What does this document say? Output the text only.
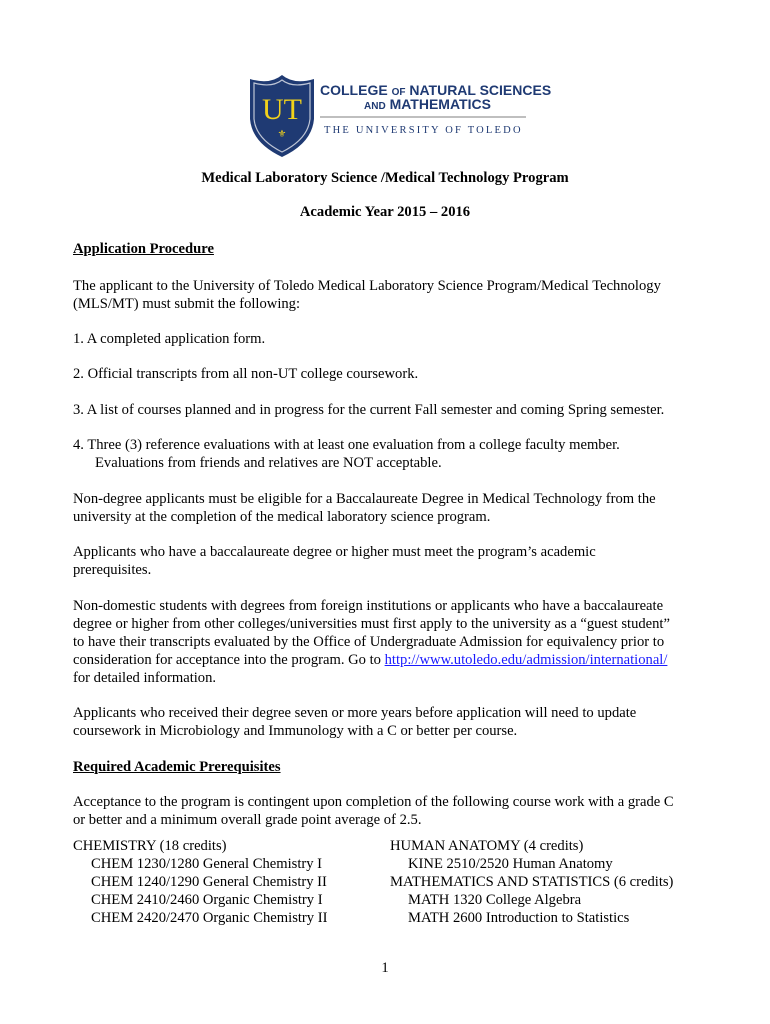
UT
⚜
COLLEGE OF NATURAL SCIENCES
AND MATHEMATICS
THE UNIVERSITY OF TOLEDO
Medical Laboratory Science /Medical Technology Program
Academic Year 2015 – 2016
Application Procedure
The applicant to the University of Toledo Medical Laboratory Science Program/Medical Technology
(MLS/MT) must submit the following:
1. A completed application form.
2. Official transcripts from all non-UT college coursework.
3. A list of courses planned and in progress for the current Fall semester and coming Spring semester.
4. Three (3) reference evaluations with at least one evaluation from a college faculty member.
Evaluations from friends and relatives are NOT acceptable.
Non-degree applicants must be eligible for a Baccalaureate Degree in Medical Technology from the
university at the completion of the medical laboratory science program.
Applicants who have a baccalaureate degree or higher must meet the program’s academic
prerequisites.
Non-domestic students with degrees from foreign institutions or applicants who have a baccalaureate
degree or higher from other colleges/universities must first apply to the university as a “guest student”
to have their transcripts evaluated by the Office of Undergraduate Admission for equivalency prior to
consideration for acceptance into the program. Go to http://www.utoledo.edu/admission/international/
for detailed information.
Applicants who received their degree seven or more years before application will need to update
coursework in Microbiology and Immunology with a C or better per course.
Required Academic Prerequisites
Acceptance to the program is contingent upon completion of the following course work with a grade C
or better and a minimum overall grade point average of 2.5.
CHEMISTRY (18 credits)
CHEM 1230/1280 General Chemistry I
CHEM 1240/1290 General Chemistry II
CHEM 2410/2460 Organic Chemistry I
CHEM 2420/2470 Organic Chemistry II
HUMAN ANATOMY (4 credits)
KINE 2510/2520 Human Anatomy
MATHEMATICS AND STATISTICS (6 credits)
MATH 1320 College Algebra
MATH 2600 Introduction to Statistics
1
